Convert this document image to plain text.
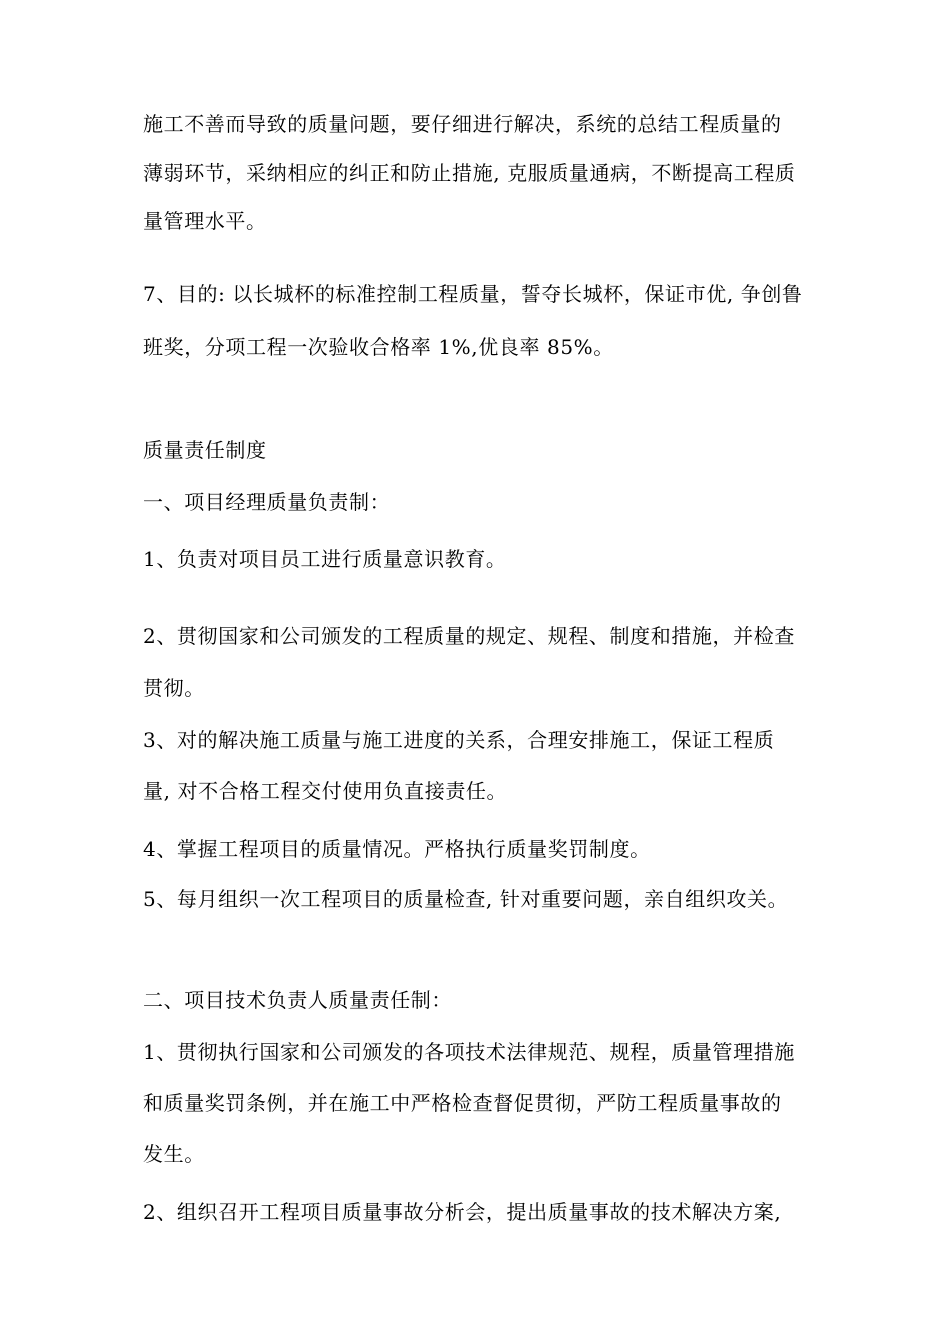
施工不善而导致的质量问题，要仔细进行解决，系统的总结工程质量的
薄弱环节，采纳相应的纠正和防止措施, 克服质量通病，不断提高工程质
量管理水平。
7、目的: 以长城杯的标准控制工程质量，誓夺长城杯，保证市优, 争创鲁
班奖，分项工程一次验收合格率 1%,优良率 85%。
质量责任制度
一、项目经理质量负责制：
1、负责对项目员工进行质量意识教育。
2、贯彻国家和公司颁发的工程质量的规定、规程、制度和措施，并检查
贯彻。
3、对的解决施工质量与施工进度的关系，合理安排施工，保证工程质
量, 对不合格工程交付使用负直接责任。
4、掌握工程项目的质量情况。严格执行质量奖罚制度。
5、每月组织一次工程项目的质量检查, 针对重要问题，亲自组织攻关。
二、项目技术负责人质量责任制：
1、贯彻执行国家和公司颁发的各项技术法律规范、规程，质量管理措施
和质量奖罚条例，并在施工中严格检查督促贯彻，严防工程质量事故的
发生。
2、组织召开工程项目质量事故分析会，提出质量事故的技术解决方案,
